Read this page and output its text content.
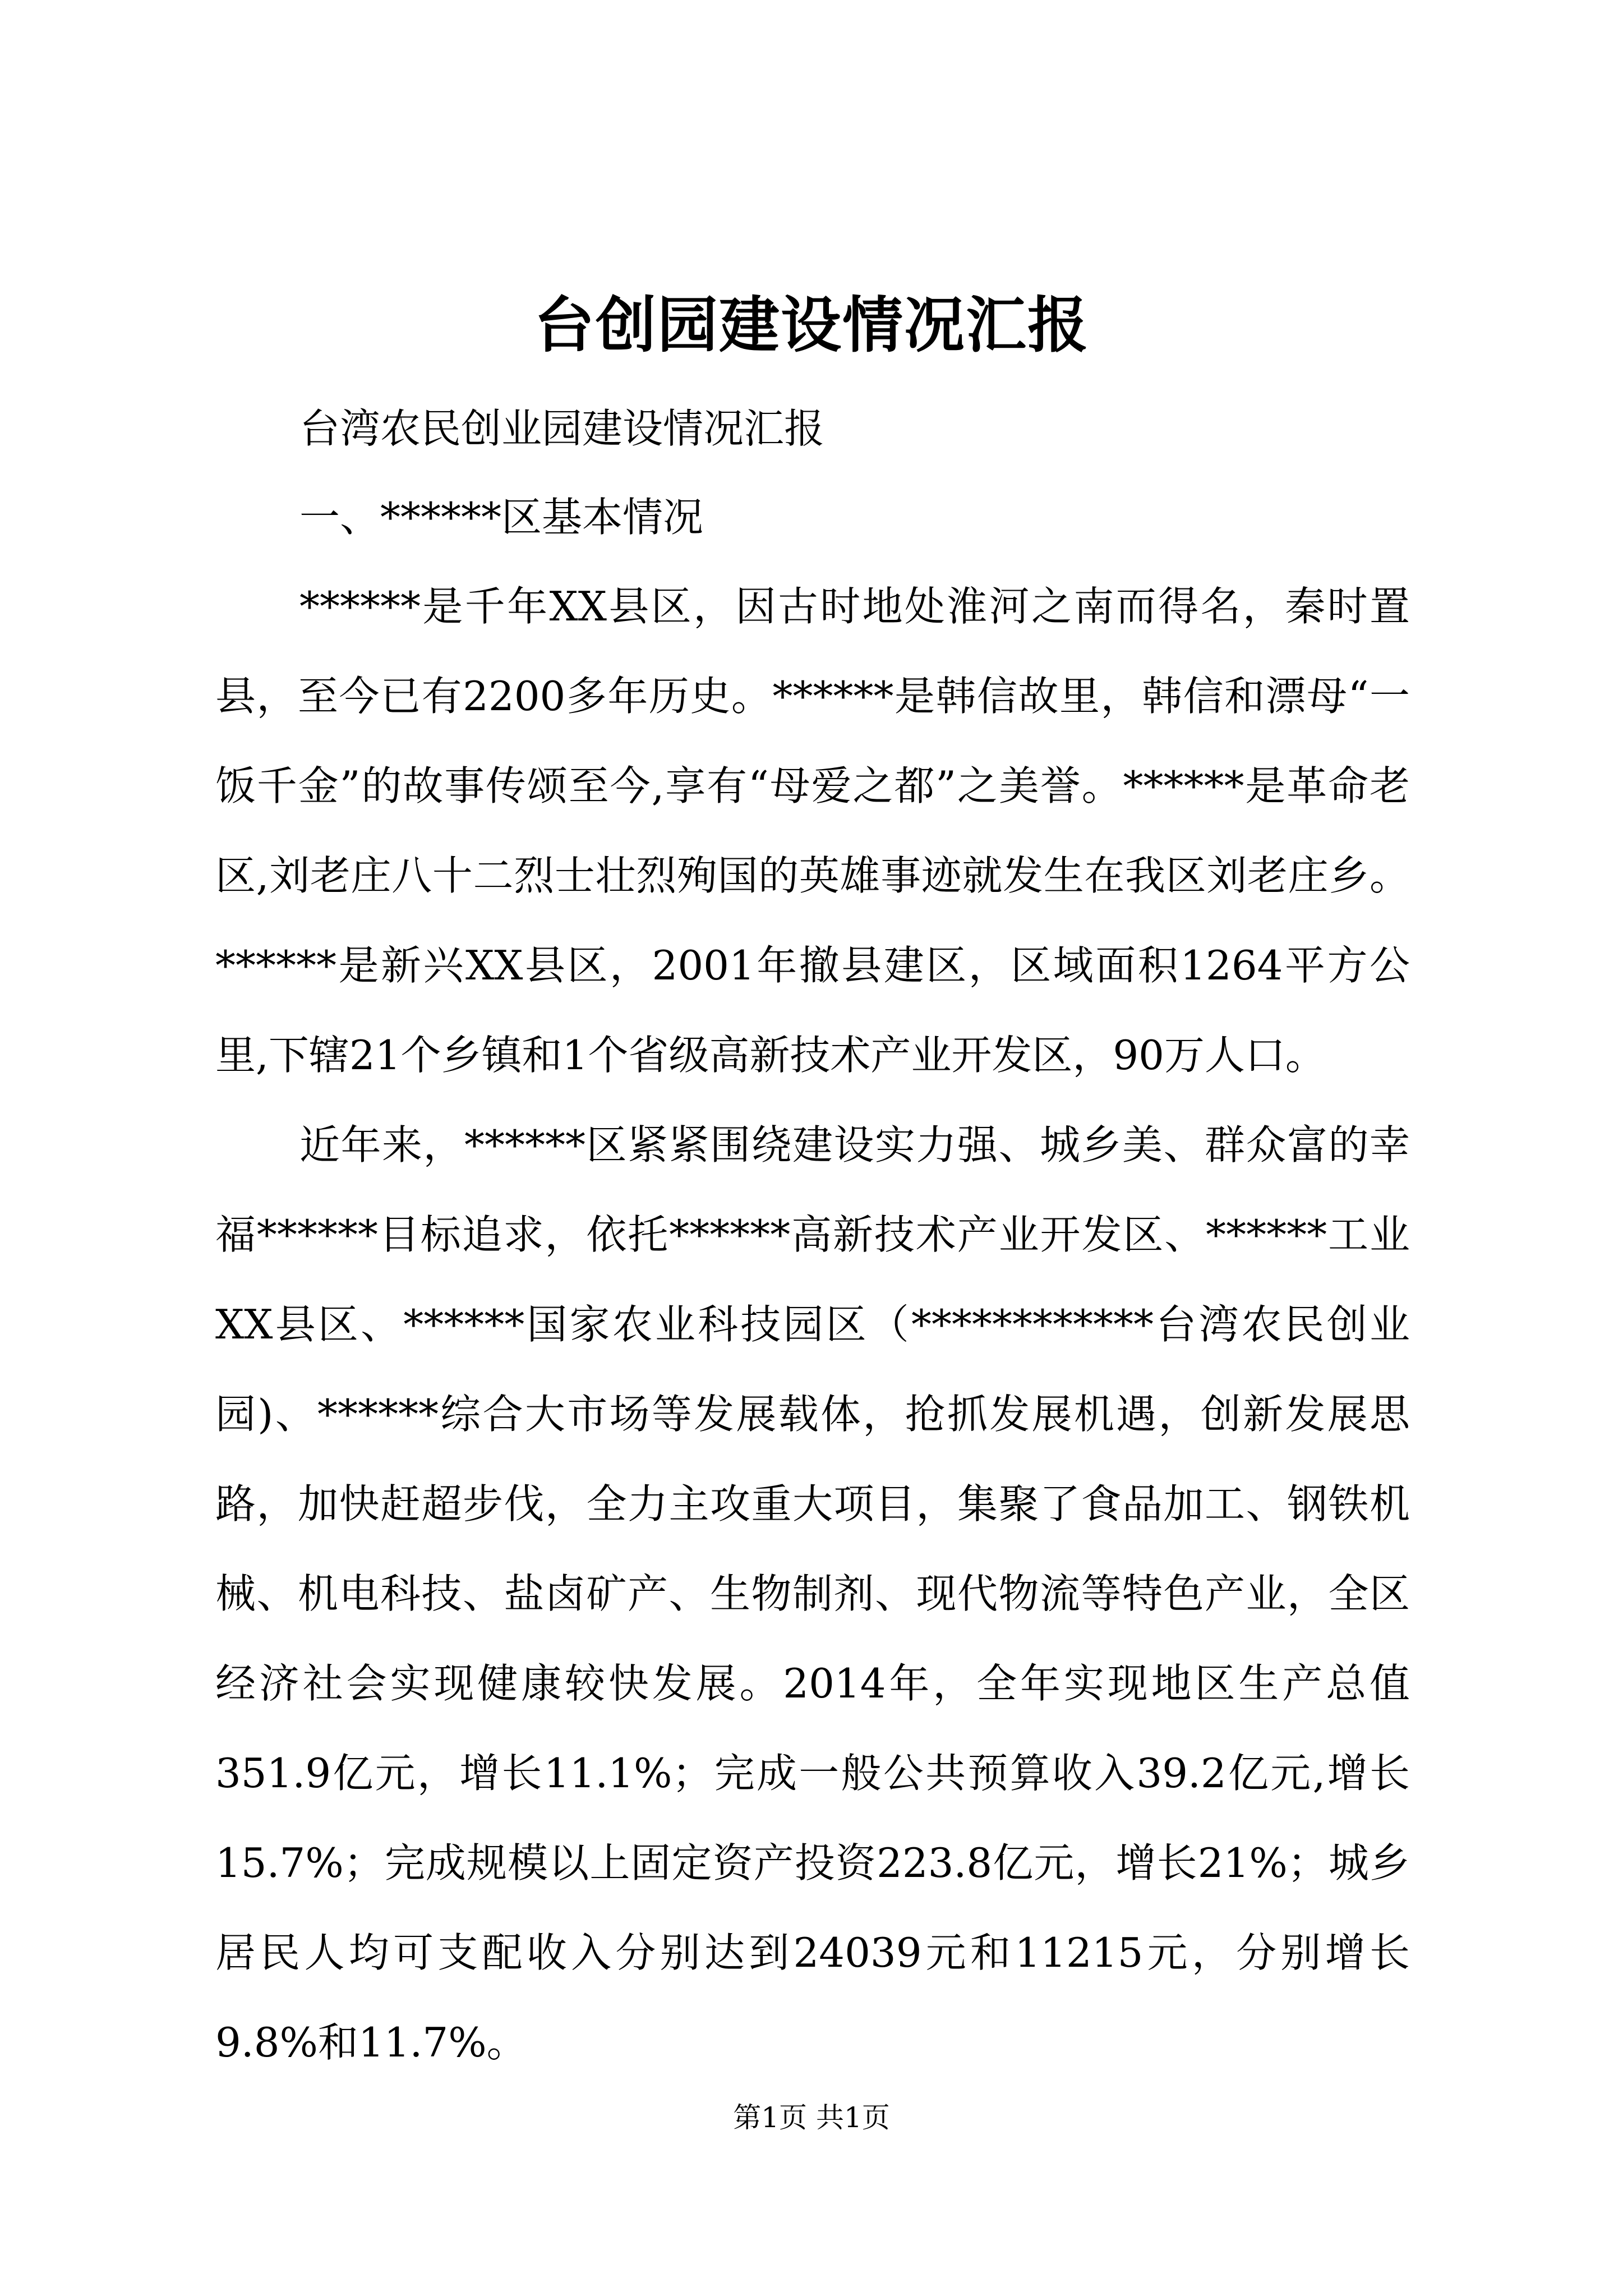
台创园建设情况汇报

台湾农民创业园建设情况汇报

一、******区基本情况

******是千年XX县区，因古时地处淮河之南而得名，秦时置县，至今已有2200多年历史。******是韩信故里，韩信和漂母“一饭千金”的故事传颂至今,享有“母爱之都”之美誉。******是革命老区,刘老庄八十二烈士壮烈殉国的英雄事迹就发生在我区刘老庄乡。******是新兴XX县区，2001年撤县建区，区域面积1264平方公里,下辖21个乡镇和1个省级高新技术产业开发区，90万人口。

近年来，******区紧紧围绕建设实力强、城乡美、群众富的幸福******目标追求，依托******高新技术产业开发区、******工业XX县区、******国家农业科技园区（************台湾农民创业园)、******综合大市场等发展载体，抢抓发展机遇，创新发展思路，加快赶超步伐，全力主攻重大项目，集聚了食品加工、钢铁机械、机电科技、盐卤矿产、生物制剂、现代物流等特色产业，全区经济社会实现健康较快发展。2014年，全年实现地区生产总值351.9亿元，增长11.1%；完成一般公共预算收入39.2亿元,增长15.7%；完成规模以上固定资产投资223.8亿元，增长21%；城乡居民人均可支配收入分别达到24039元和11215元，分别增长9.8%和11.7%。

第1页 共1页
